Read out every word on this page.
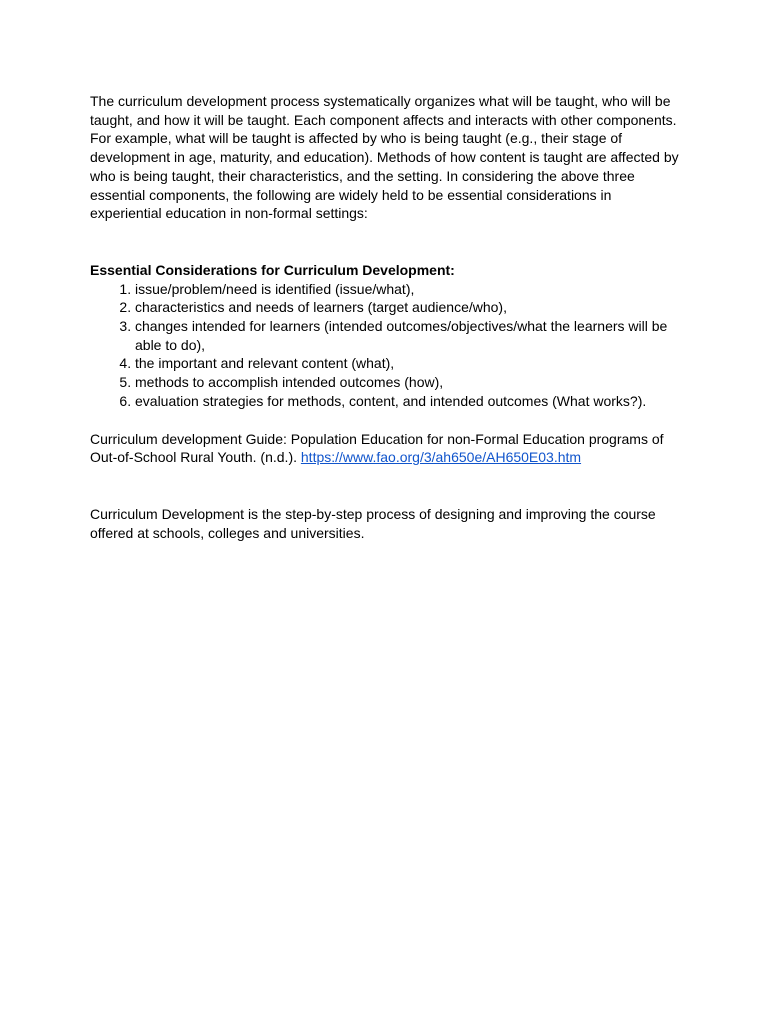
The curriculum development process systematically organizes what will be taught, who will be taught, and how it will be taught. Each component affects and interacts with other components. For example, what will be taught is affected by who is being taught (e.g., their stage of development in age, maturity, and education). Methods of how content is taught are affected by who is being taught, their characteristics, and the setting. In considering the above three essential components, the following are widely held to be essential considerations in experiential education in non-formal settings:

Essential Considerations for Curriculum Development:

1. issue/problem/need is identified (issue/what),
2. characteristics and needs of learners (target audience/who),
3. changes intended for learners (intended outcomes/objectives/what the learners will be able to do),
4. the important and relevant content (what),
5. methods to accomplish intended outcomes (how),
6. evaluation strategies for methods, content, and intended outcomes (What works?).

Curriculum development Guide: Population Education for non-Formal Education programs of Out-of-School Rural Youth. (n.d.). https://www.fao.org/3/ah650e/AH650E03.htm

Curriculum Development is the step-by-step process of designing and improving the course offered at schools, colleges and universities.
